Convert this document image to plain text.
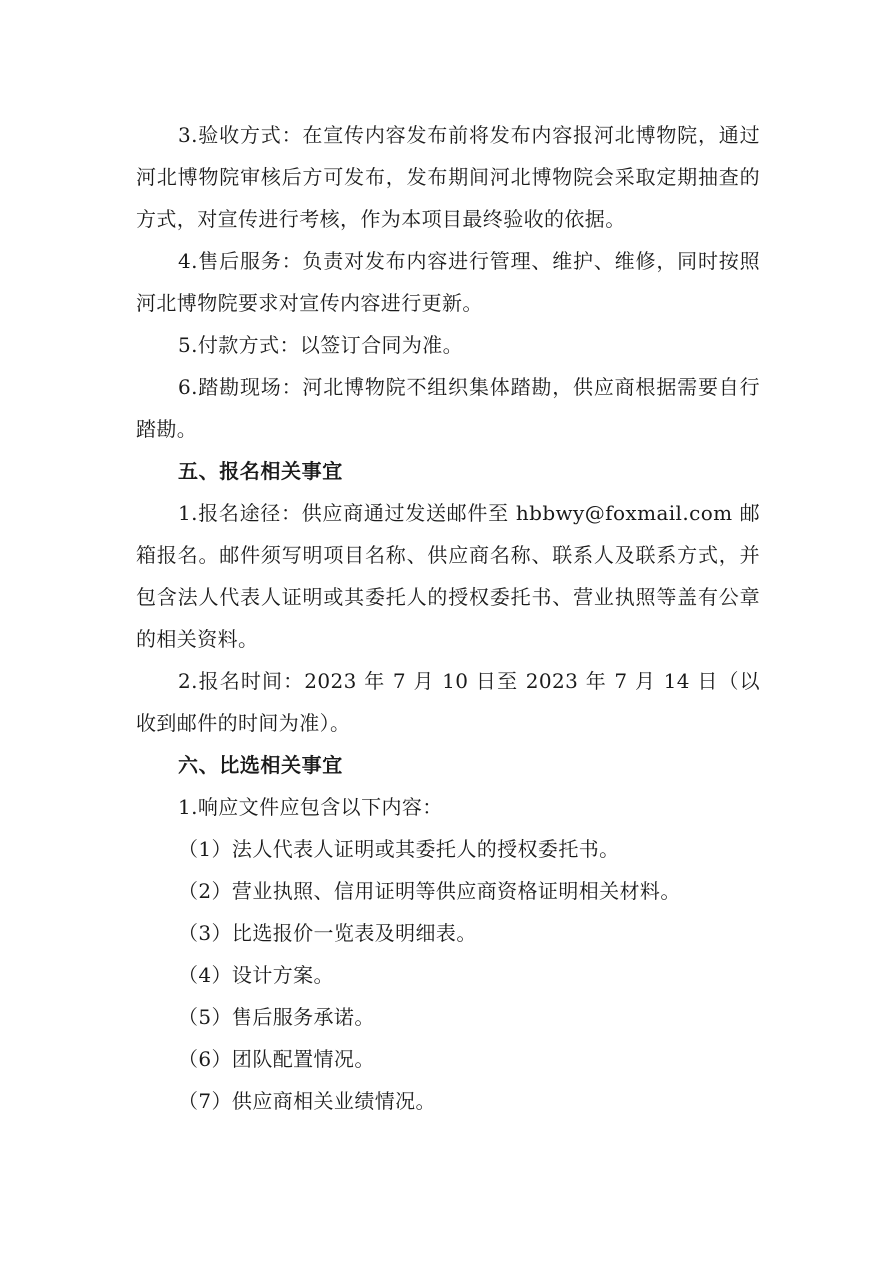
3.验收方式：在宣传内容发布前将发布内容报河北博物院，通过河北博物院审核后方可发布，发布期间河北博物院会采取定期抽查的方式，对宣传进行考核，作为本项目最终验收的依据。

4.售后服务：负责对发布内容进行管理、维护、维修，同时按照河北博物院要求对宣传内容进行更新。

5.付款方式：以签订合同为准。

6.踏勘现场：河北博物院不组织集体踏勘，供应商根据需要自行踏勘。

五、报名相关事宜

1.报名途径：供应商通过发送邮件至 hbbwy@foxmail.com 邮箱报名。邮件须写明项目名称、供应商名称、联系人及联系方式，并包含法人代表人证明或其委托人的授权委托书、营业执照等盖有公章的相关资料。

2.报名时间：2023 年 7 月 10 日至 2023 年 7 月 14 日（以收到邮件的时间为准）。

六、比选相关事宜

1.响应文件应包含以下内容：

（1）法人代表人证明或其委托人的授权委托书。

（2）营业执照、信用证明等供应商资格证明相关材料。

（3）比选报价一览表及明细表。

（4）设计方案。

（5）售后服务承诺。

（6）团队配置情况。

（7）供应商相关业绩情况。
